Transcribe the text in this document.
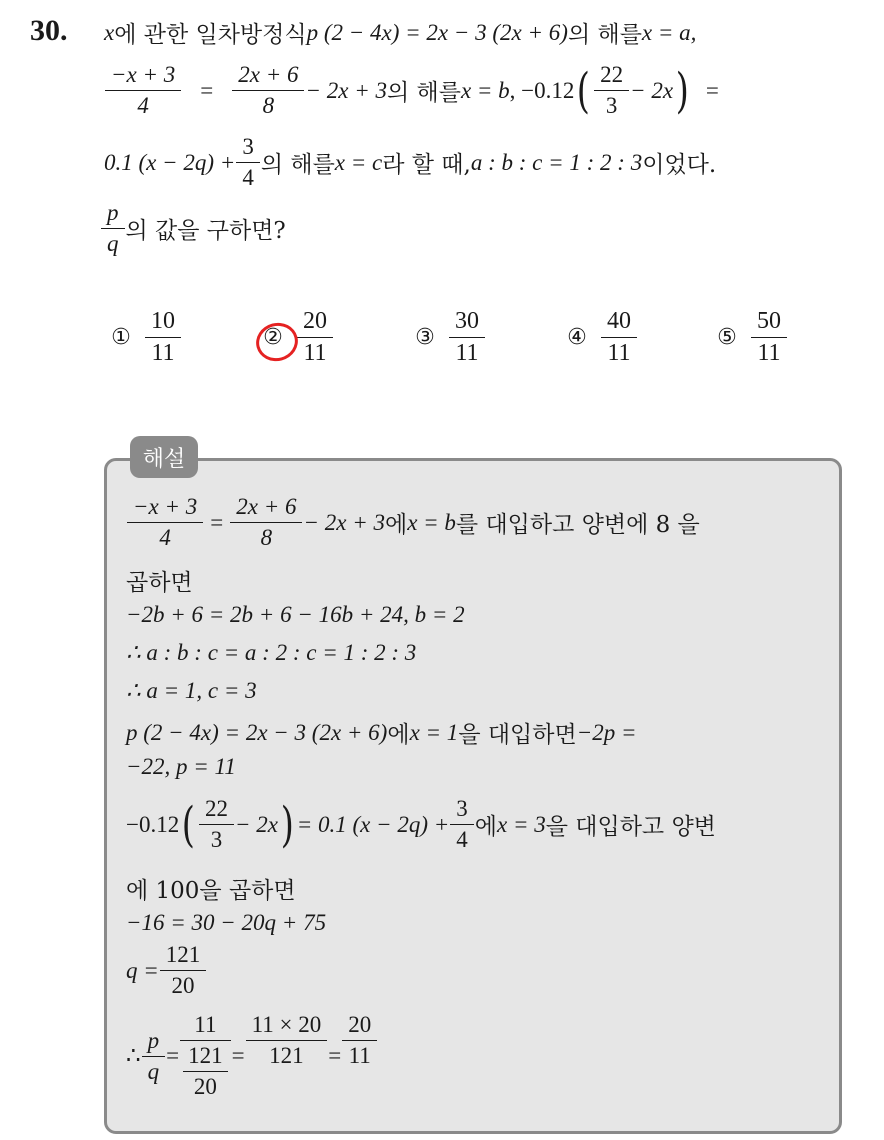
30. x 에 관한 일차방정식 p (2 − 4x) = 2x − 3 (2x + 6) 의 해를 x = a,
$\frac{-x + 3}{4} = \frac{2x + 6}{8} - 2x + 3$ 의 해를 x = b , −0.12 ( $\frac{22}{3} - 2x$ ) =
0.1 $(x - 2q) + \frac{3}{4}$ 의 해를 x = c 라 할 때, a : b : c = 1 : 2 : 3 이었다.
$\frac{p}{q}$ 의 값을 구하면?
① $\frac{10}{11}$	② $\frac{20}{11}$	③ $\frac{30}{11}$	④ $\frac{40}{11}$	⑤ $\frac{50}{11}$
해설
$\frac{-x + 3}{4} = \frac{2x + 6}{8} - 2x + 3$ 에 x = b 를 대입하고 양변에 8 을
곱하면
−2b + 6 = 2b + 6 − 16b + 24, b = 2
∴ a : b : c = a : 2 : c = 1 : 2 : 3
∴ a = 1, c = 3
p (2 − 4x) = 2x − 3 (2x + 6) 에 x = 1 을 대입하면 −2p =
−22, p = 11
−0.12 ( $\frac{22}{3} - 2x$ ) = 0.1 $(x - 2q) + \frac{3}{4}$ 에 x = 3 을 대입하고 양변
에 100을 곱하면
−16 = 30 − 20q + 75
$q = \frac{121}{20}$
∴ $\frac{p}{q} = 11$
121
$20 = \frac{11 \times 20}{121} = \frac{20}{11}$
